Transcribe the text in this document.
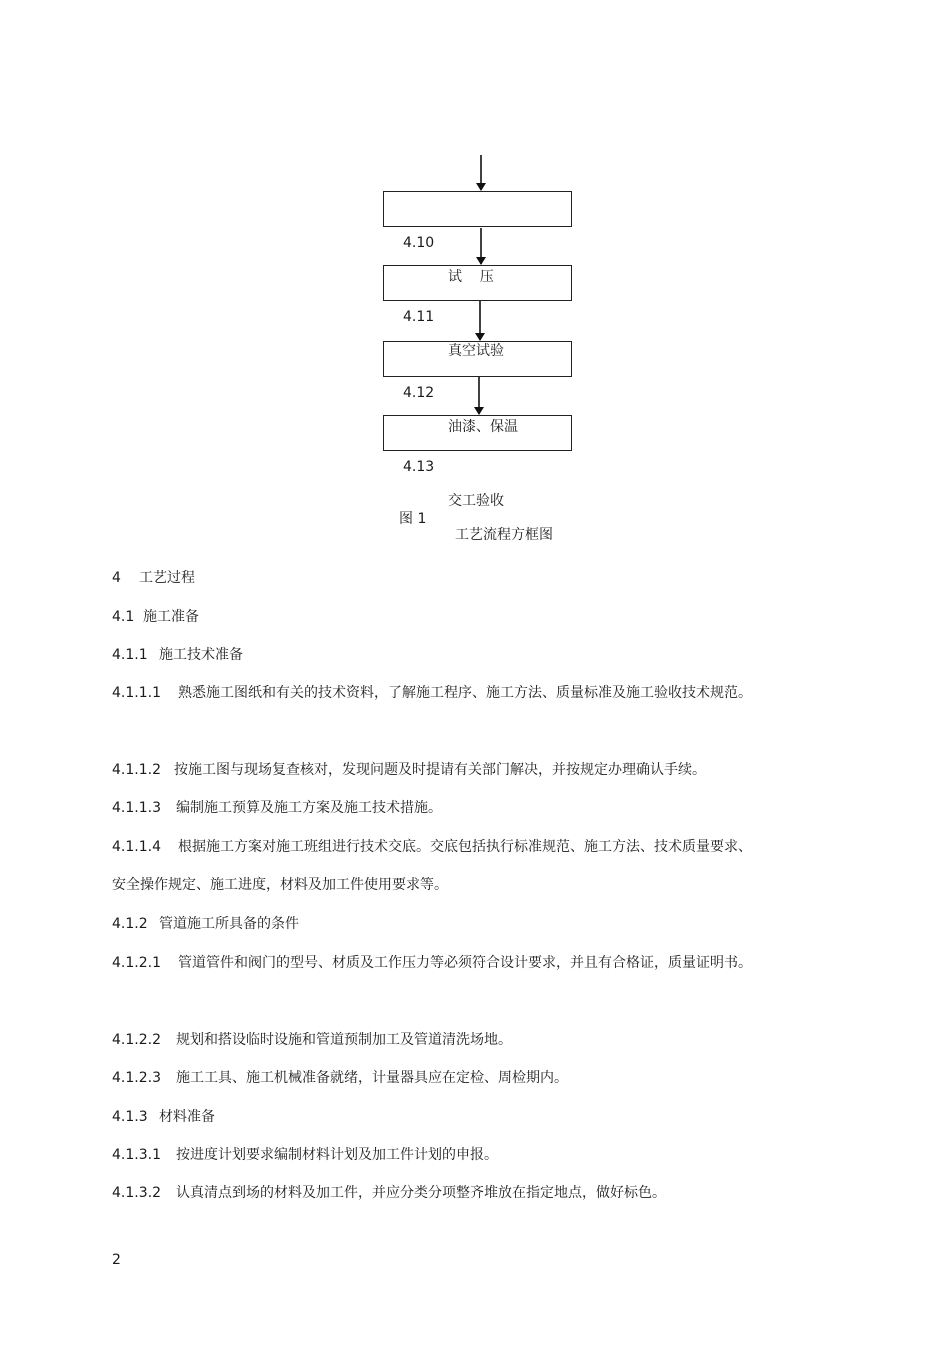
4.10

试    压

4.11

真空试验

4.12

油漆、保温

4.13

交工验收

图 1

工艺流程方框图

4 工艺过程

4.1 施工准备

4.1.1 施工技术准备

4.1.1.1 熟悉施工图纸和有关的技术资料，了解施工程序、施工方法、质量标准及施工验收技术规范。

4.1.1.2 按施工图与现场复查核对，发现问题及时提请有关部门解决，并按规定办理确认手续。

4.1.1.3 编制施工预算及施工方案及施工技术措施。

4.1.1.4 根据施工方案对施工班组进行技术交底。交底包括执行标准规范、施工方法、技术质量要求、安全操作规定、施工进度，材料及加工件使用要求等。

4.1.2 管道施工所具备的条件

4.1.2.1 管道管件和阀门的型号、材质及工作压力等必须符合设计要求，并且有合格证，质量证明书。

4.1.2.2 规划和搭设临时设施和管道预制加工及管道清洗场地。

4.1.2.3 施工工具、施工机械准备就绪，计量器具应在定检、周检期内。

4.1.3 材料准备

4.1.3.1 按进度计划要求编制材料计划及加工件计划的申报。

4.1.3.2 认真清点到场的材料及加工件，并应分类分项整齐堆放在指定地点，做好标色。

2
